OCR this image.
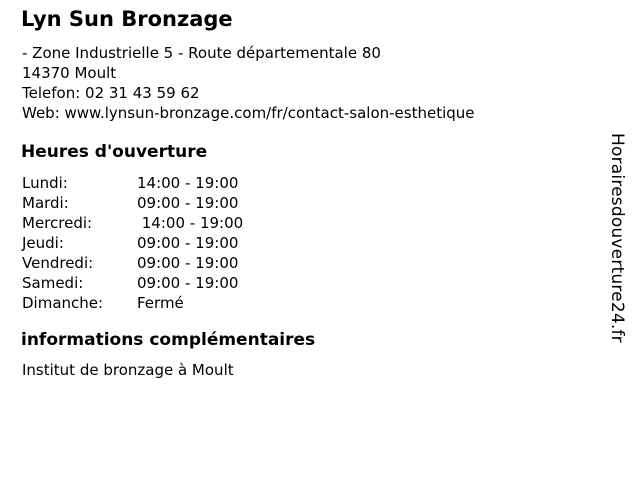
Lyn Sun Bronzage
- Zone Industrielle 5 - Route départementale 80
14370 Moult
Telefon: 02 31 43 59 62
Web: www.lynsun-bronzage.com/fr/contact-salon-esthetique
Heures d'ouverture
Lundi:	14:00 - 19:00
Mardi:	09:00 - 19:00
Mercredi:	14:00 - 19:00
Jeudi:	09:00 - 19:00
Vendredi:	09:00 - 19:00
Samedi:	09:00 - 19:00
Dimanche:	Fermé
informations complémentaires
Institut de bronzage à Moult
Horairesdouverture24.fr
